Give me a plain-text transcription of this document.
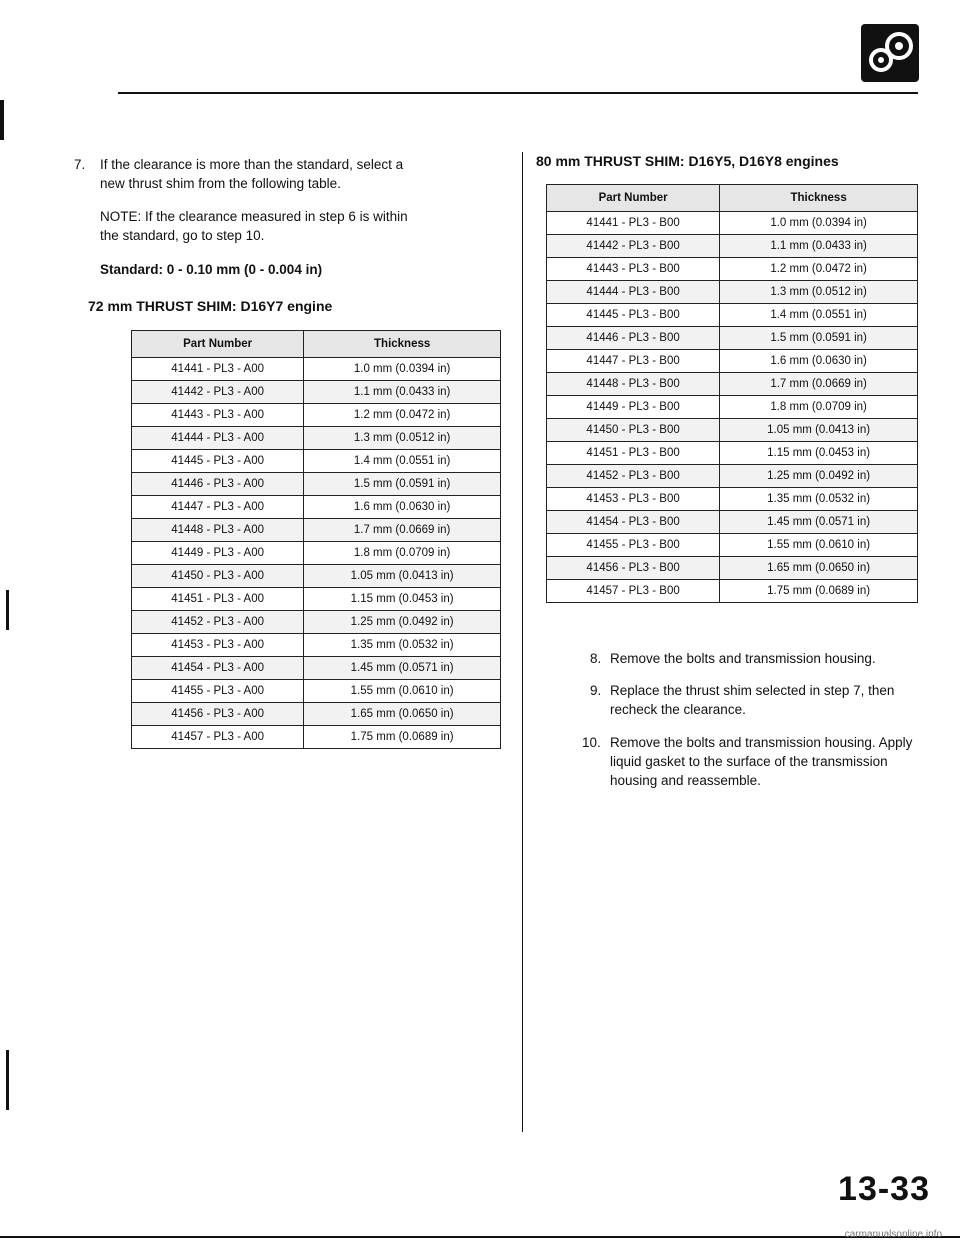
7. If the clearance is more than the standard, select a
new thrust shim from the following table.
NOTE: If the clearance measured in step 6 is within
the standard, go to step 10.
Standard: 0 - 0.10 mm (0 - 0.004 in)
72 mm THRUST SHIM: D16Y7 engine
Part Number	Thickness
41441 - PL3 - A00	1.0 mm (0.0394 in)
41442 - PL3 - A00	1.1 mm (0.0433 in)
41443 - PL3 - A00	1.2 mm (0.0472 in)
41444 - PL3 - A00	1.3 mm (0.0512 in)
41445 - PL3 - A00	1.4 mm (0.0551 in)
41446 - PL3 - A00	1.5 mm (0.0591 in)
41447 - PL3 - A00	1.6 mm (0.0630 in)
41448 - PL3 - A00	1.7 mm (0.0669 in)
41449 - PL3 - A00	1.8 mm (0.0709 in)
41450 - PL3 - A00	1.05 mm (0.0413 in)
41451 - PL3 - A00	1.15 mm (0.0453 in)
41452 - PL3 - A00	1.25 mm (0.0492 in)
41453 - PL3 - A00	1.35 mm (0.0532 in)
41454 - PL3 - A00	1.45 mm (0.0571 in)
41455 - PL3 - A00	1.55 mm (0.0610 in)
41456 - PL3 - A00	1.65 mm (0.0650 in)
41457 - PL3 - A00	1.75 mm (0.0689 in)
80 mm THRUST SHIM: D16Y5, D16Y8 engines
Part Number	Thickness
41441 - PL3 - B00	1.0 mm (0.0394 in)
41442 - PL3 - B00	1.1 mm (0.0433 in)
41443 - PL3 - B00	1.2 mm (0.0472 in)
41444 - PL3 - B00	1.3 mm (0.0512 in)
41445 - PL3 - B00	1.4 mm (0.0551 in)
41446 - PL3 - B00	1.5 mm (0.0591 in)
41447 - PL3 - B00	1.6 mm (0.0630 in)
41448 - PL3 - B00	1.7 mm (0.0669 in)
41449 - PL3 - B00	1.8 mm (0.0709 in)
41450 - PL3 - B00	1.05 mm (0.0413 in)
41451 - PL3 - B00	1.15 mm (0.0453 in)
41452 - PL3 - B00	1.25 mm (0.0492 in)
41453 - PL3 - B00	1.35 mm (0.0532 in)
41454 - PL3 - B00	1.45 mm (0.0571 in)
41455 - PL3 - B00	1.55 mm (0.0610 in)
41456 - PL3 - B00	1.65 mm (0.0650 in)
41457 - PL3 - B00	1.75 mm (0.0689 in)
8. Remove the bolts and transmission housing.
9. Replace the thrust shim selected in step 7, then
recheck the clearance.
10. Remove the bolts and transmission housing. Apply
liquid gasket to the surface of the transmission
housing and reassemble.
13-33
carmanualsonline.info
